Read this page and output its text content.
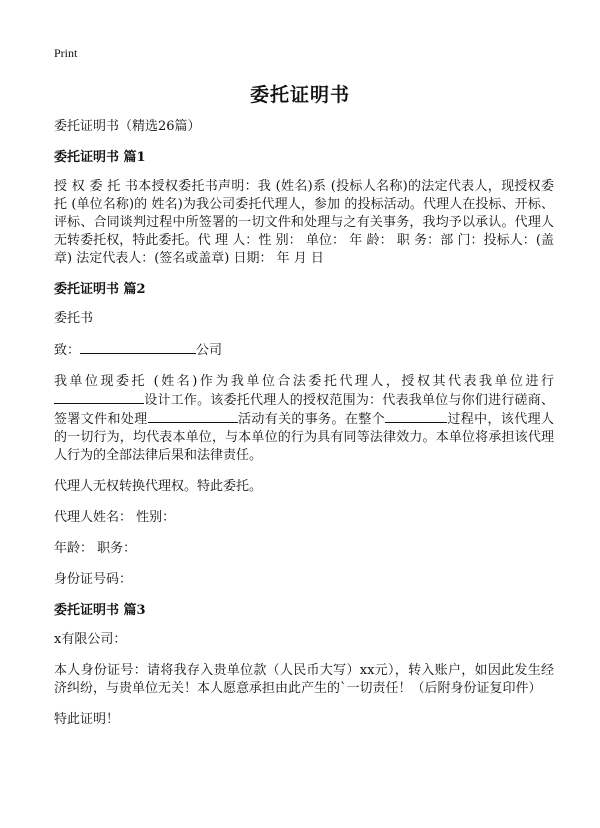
Print
委托证明书

委托证明书（精选26篇）

委托证明书 篇1

授 权 委 托 书本授权委托书声明：我 (姓名)系 (投标人名称)的法定代表人，现授权委托 (单位名称)的 姓名)为我公司委托代理人，参加 的投标活动。代理人在投标、开标、评标、合同谈判过程中所签署的一切文件和处理与之有关事务，我均予以承认。代理人无转委托权，特此委托。代 理 人：性 别： 单位： 年 龄： 职 务：部 门：投标人：(盖章) 法定代表人：(签名或盖章) 日期： 年 月 日

委托证明书 篇2

委托书

致：	公司

我单位现委托 (姓名)作为我单位合法委托代理人，授权其代表我单位进行设计工作。该委托代理人的授权范围为：代表我单位与你们进行磋商、签署文件和处理	活动有关的事务。在整个	过程中，该代理人的一切行为，均代表本单位，与本单位的行为具有同等法律效力。本单位将承担该代理人行为的全部法律后果和法律责任。

代理人无权转换代理权。特此委托。

代理人姓名： 性别：

年龄： 职务：

身份证号码：

委托证明书 篇3

x有限公司：

本人身份证号：请将我存入贵单位款（人民币大写）xx元），转入账户，如因此发生经济纠纷，与贵单位无关！本人愿意承担由此产生的`一切责任！（后附身份证复印件）

特此证明！
